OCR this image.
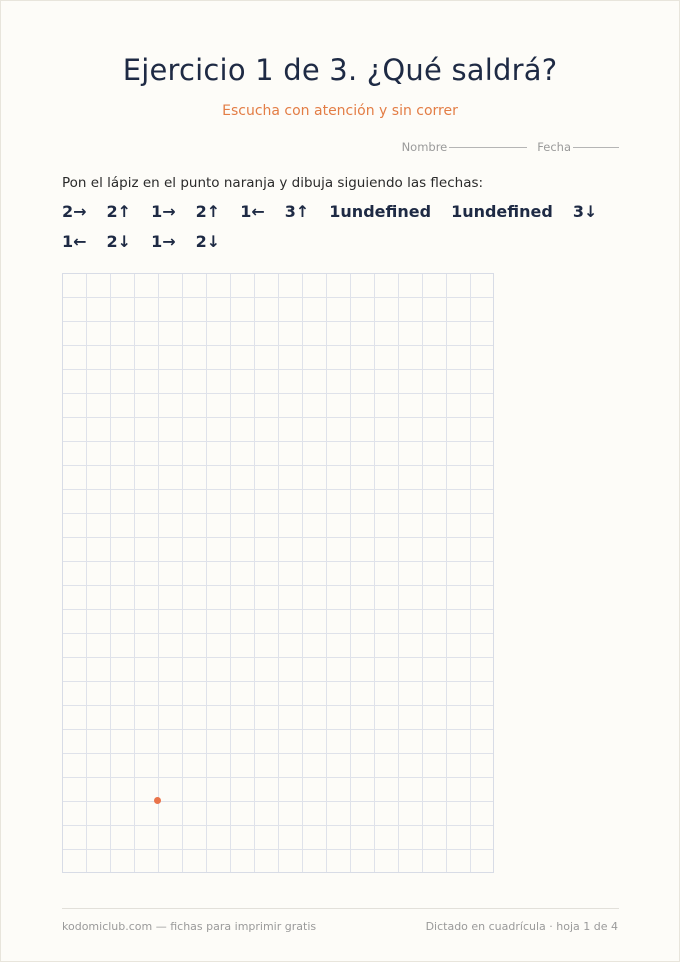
Ejercicio 1 de 3. ¿Qué saldrá?
Escucha con atención y sin correr
Nombre	Fecha
Pon el lápiz en el punto naranja y dibuja siguiendo las flechas:
2→ 2↑ 1→ 2↑ 1← 3↑ 1undefined 1undefined 3↓
1← 2↓ 1→ 2↓
kodomiclub.com — fichas para imprimir gratis	Dictado en cuadrícula · hoja 1 de 4
